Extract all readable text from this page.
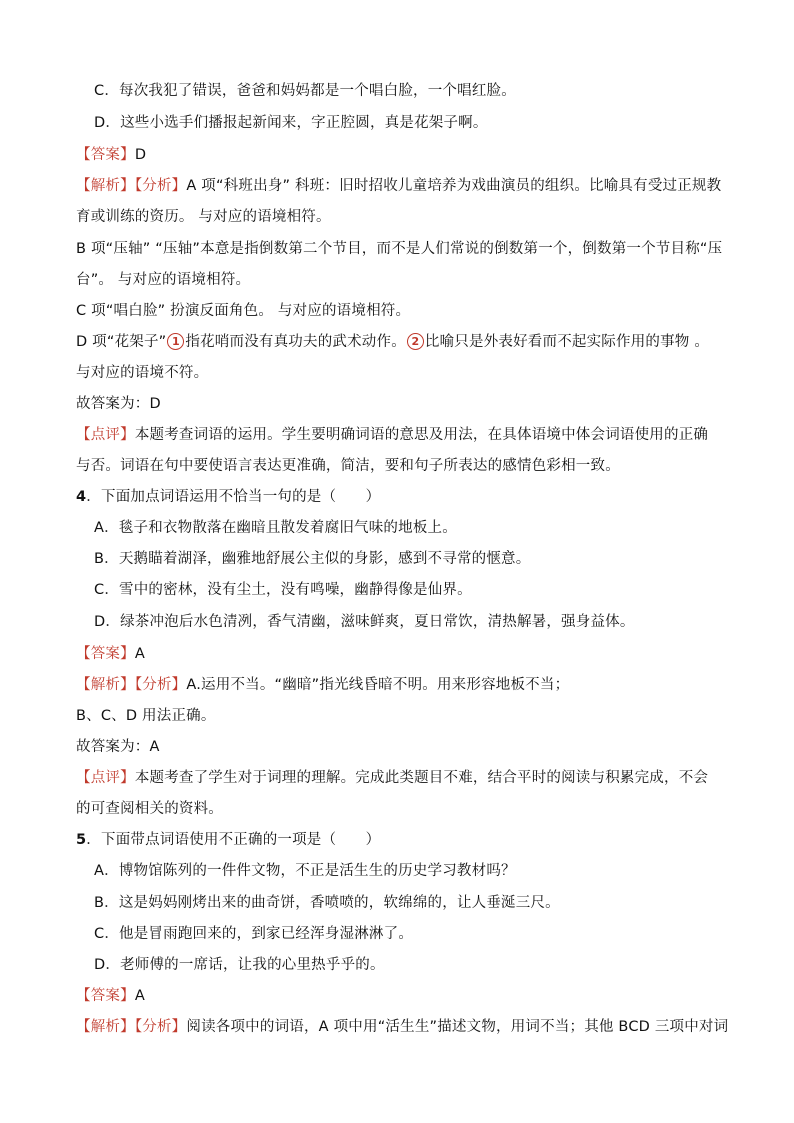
C．每次我犯了错误，爸爸和妈妈都是一个唱白脸，一个唱红脸。
D．这些小选手们播报起新闻来，字正腔圆，真是花架子啊。
【答案】D
【解析】【分析】A 项“科班出身” 科班：旧时招收儿童培养为戏曲演员的组织。比喻具有受过正规教
育或训练的资历。 与对应的语境相符。
B 项“压轴” “压轴”本意是指倒数第二个节目，而不是人们常说的倒数第一个，倒数第一个节目称“压
台”。 与对应的语境相符。
C 项“唱白脸” 扮演反面角色。 与对应的语境相符。
D 项“花架子” 1 指花哨而没有真功夫的武术动作。 2 比喻只是外表好看而不起实际作用的事物 。
与对应的语境不符。
故答案为：D
【点评】本题考查词语的运用。学生要明确词语的意思及用法，在具体语境中体会词语使用的正确
与否。词语在句中要使语言表达更准确，简洁，要和句子所表达的感情色彩相一致。
4．下面加点词语运用不恰当一句的是（　　）
A．毯子和衣物散落在幽暗且散发着腐旧气味的地板上。
B．天鹅瞄着湖泽，幽雅地舒展公主似的身影，感到不寻常的惬意。
C．雪中的密林，没有尘土，没有鸣噪，幽静得像是仙界。
D．绿茶冲泡后水色清冽，香气清幽，滋味鲜爽，夏日常饮，清热解暑，强身益体。
【答案】A
【解析】【分析】A.运用不当。“幽暗”指光线昏暗不明。用来形容地板不当；
B、C、D 用法正确。
故答案为：A
【点评】本题考查了学生对于词理的理解。完成此类题目不难，结合平时的阅读与积累完成，不会
的可查阅相关的资料。
5．下面带点词语使用不正确的一项是（　　）
A．博物馆陈列的一件件文物，不正是活生生的历史学习教材吗？
B．这是妈妈刚烤出来的曲奇饼，香喷喷的，软绵绵的，让人垂涎三尺。
C．他是冒雨跑回来的，到家已经浑身湿淋淋了。
D．老师傅的一席话，让我的心里热乎乎的。
【答案】A
【解析】【分析】阅读各项中的词语，A 项中用“活生生”描述文物，用词不当；其他 BCD 三项中对词
